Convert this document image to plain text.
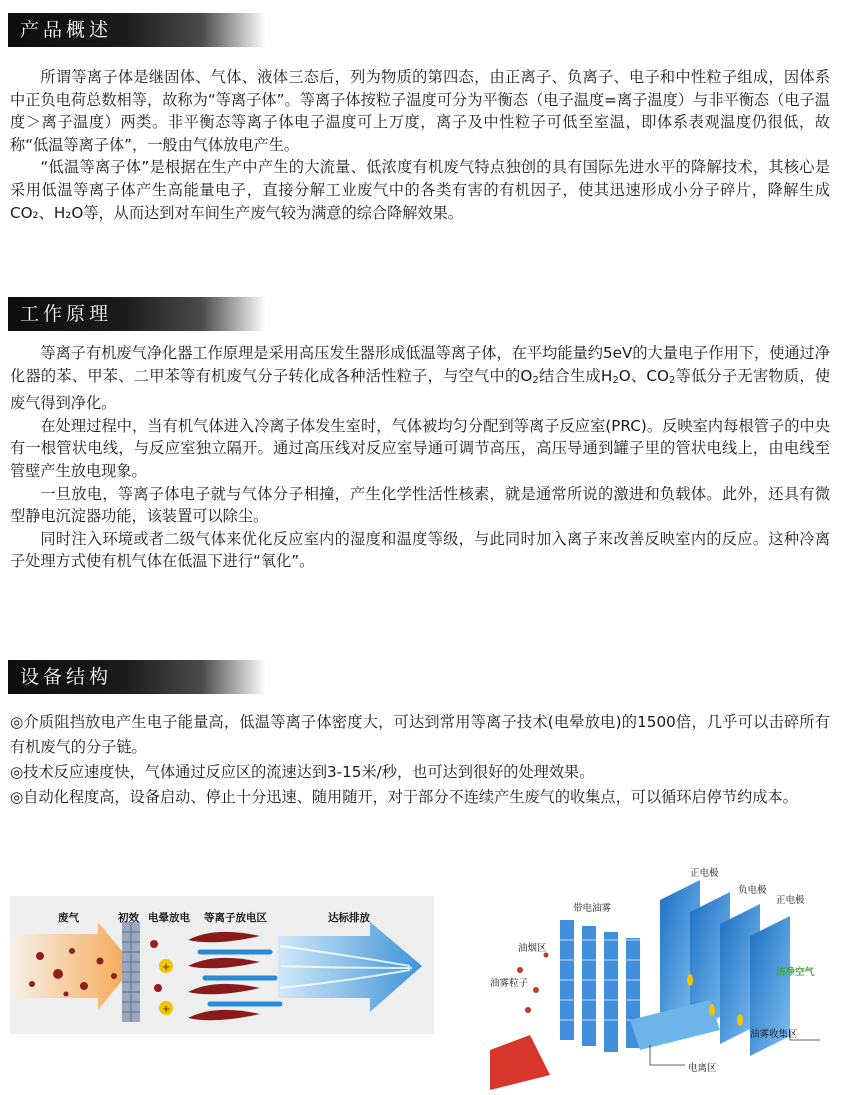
产品概述

所谓等离子体是继固体、气体、液体三态后，列为物质的第四态，由正离子、负离子、电子和中性粒子组成，因体系中正负电荷总数相等，故称为“等离子体”。等离子体按粒子温度可分为平衡态（电子温度=离子温度）与非平衡态（电子温度＞离子温度）两类。非平衡态等离子体电子温度可上万度，离子及中性粒子可低至室温，即体系表观温度仍很低，故称“低温等离子体”，一般由气体放电产生。

“低温等离子体”是根据在生产中产生的大流量、低浓度有机废气特点独创的具有国际先进水平的降解技术，其核心是采用低温等离子体产生高能量电子，直接分解工业废气中的各类有害的有机因子，使其迅速形成小分子碎片，降解生成CO₂、H₂O等，从而达到对车间生产废气较为满意的综合降解效果。

工作原理

等离子有机废气净化器工作原理是采用高压发生器形成低温等离子体，在平均能量约5eV的大量电子作用下，使通过净化器的苯、甲苯、二甲苯等有机废气分子转化成各种活性粒子，与空气中的$O_2$结合生成$H_2O$、$CO_2$等低分子无害物质，使废气得到净化。

在处理过程中，当有机气体进入冷离子体发生室时，气体被均匀分配到等离子反应室(PRC)。反映室内每根管子的中央有一根管状电线，与反应室独立隔开。通过高压线对反应室导通可调节高压，高压导通到罐子里的管状电线上，由电线至管壁产生放电现象。

一旦放电，等离子体电子就与气体分子相撞，产生化学性活性核素，就是通常所说的激进和负载体。此外，还具有微型静电沉淀器功能，该装置可以除尘。

同时注入环境或者二级气体来优化反应室内的湿度和温度等级，与此同时加入离子来改善反映室内的反应。这种冷离子处理方式使有机气体在低温下进行“氧化”。

设备结构

◎介质阻挡放电产生电子能量高，低温等离子体密度大，可达到常用等离子技术(电晕放电)的1500倍，几乎可以击碎所有有机废气的分子链。

◎技术反应速度快，气体通过反应区的流速达到3-15米/秒，也可达到很好的处理效果。

◎自动化程度高，设备启动、停止十分迅速、随用随开，对于部分不连续产生废气的收集点，可以循环启停节约成本。

+
+
废气	初效 电晕放电 等离子放电区	达标排放
正电极
负电极
正电极
带电油雾
油烟区
油雾粒子
洁净空气
油雾收集区
电离区
